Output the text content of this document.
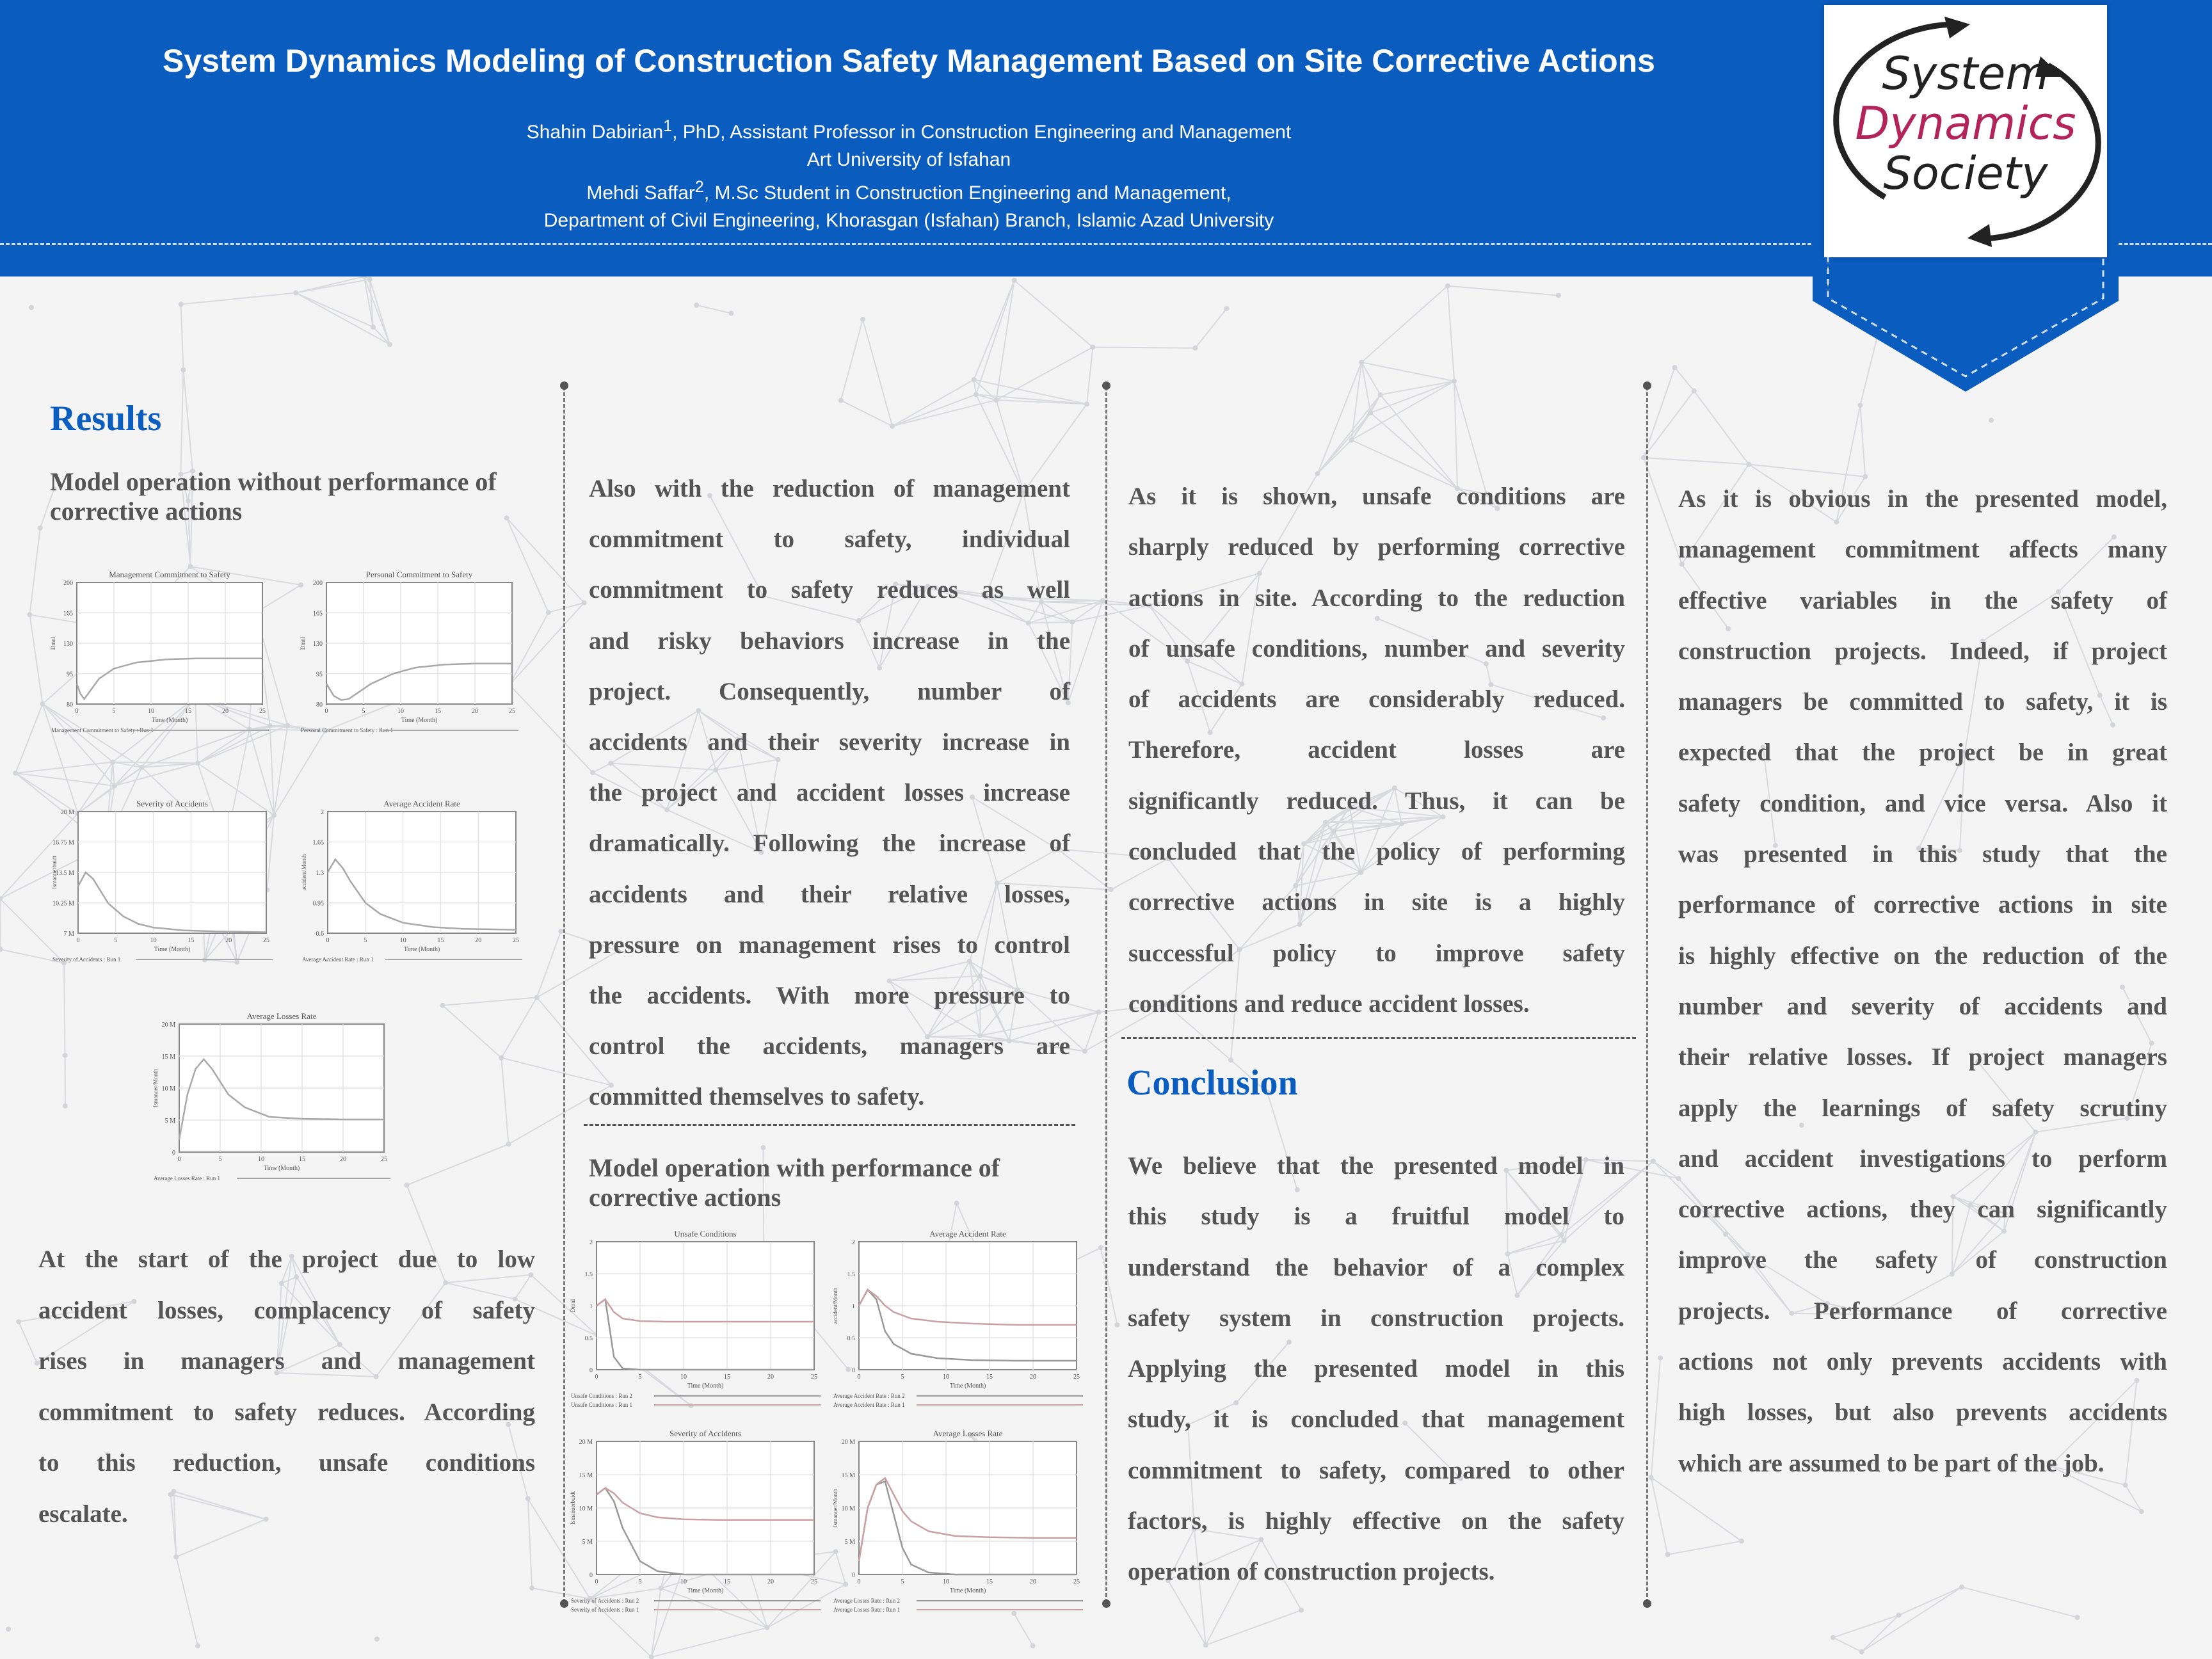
System Dynamics Modeling of Construction Safety Management Based on Site Corrective Actions
Shahin Dabirian$^1$, PhD, Assistant Professor in Construction Engineering and Management
Art University of Isfahan
Mehdi Saffar$^2$, M.Sc Student in Construction Engineering and Management,
Department of Civil Engineering, Khorasgan (Isfahan) Branch, Islamic Azad University
System
Dynamics
Society
Results
Model operation without performance of corrective actions
200
165
130
95
80
0	5	10	15	20	25
Management Commitment to Safety
Time (Month)
Dmnl
Management Commitment to Safety : Run 1
200
165
130
95
80
0	5	10	15	20	25
Personal Commitment to Safety
Time (Month)
Dmnl
Personal Commitment to Safety : Run 1
20 M
16.75 M
13.5 M
10.25 M
7 M
0	5	10	15	20	25
Severity of Accidents
Time (Month)
Ismanuerbuidt
Severity of Accidents : Run 1
2
1.65
1.3
0.95
0.6
0	5	10	15	20	25
Average Accident Rate
Time (Month)
accident/Month
Average Accident Rate : Run 1
20 M
15 M
10 M
5 M
0
0	5	10	15	20	25
Average Losses Rate
Time (Month)
Ismanuer/Month
Average Losses Rate : Run 1
At the start of the project due to low
accident losses, complacency of safety
rises in managers and management
commitment to safety reduces. According
to this reduction, unsafe conditions
escalate.
Also with the reduction of management
commitment to safety, individual
commitment to safety reduces as well
and risky behaviors increase in the
project. Consequently, number of
accidents and their severity increase in
the project and accident losses increase
dramatically. Following the increase of
accidents and their relative losses,
pressure on management rises to control
the accidents. With more pressure to
control the accidents, managers are
committed themselves to safety.
Model operation with performance of corrective actions
2
1.5
1
0.5
0
0	5	10	15	20	25
Unsafe Conditions
Time (Month)
Dmnl
Unsafe Conditions : Run 2
Unsafe Conditions : Run 1
2
1.5
1
0.5
0
0	5	10	15	20	25
Average Accident Rate
Time (Month)
accident/Month
Average Accident Rate : Run 2
Average Accident Rate : Run 1
20 M
15 M
10 M
5 M
0
0	5	10	15	20	25
Severity of Accidents
Time (Month)
Ismanuerbuidt
Severity of Accidents : Run 2
Severity of Accidents : Run 1
20 M
15 M
10 M
5 M
0
0	5	10	15	20	25
Average Losses Rate
Time (Month)
Ismanuer/Month
Average Losses Rate : Run 2
Average Losses Rate : Run 1
As it is shown, unsafe conditions are
sharply reduced by performing corrective
actions in site. According to the reduction
of unsafe conditions, number and severity
of accidents are considerably reduced.
Therefore, accident losses are
significantly reduced. Thus, it can be
concluded that the policy of performing
corrective actions in site is a highly
successful policy to improve safety
conditions and reduce accident losses.
Conclusion
We believe that the presented model in
this study is a fruitful model to
understand the behavior of a complex
safety system in construction projects.
Applying the presented model in this
study, it is concluded that management
commitment to safety, compared to other
factors, is highly effective on the safety
operation of construction projects.
As it is obvious in the presented model,
management commitment affects many
effective variables in the safety of
construction projects. Indeed, if project
managers be committed to safety, it is
expected that the project be in great
safety condition, and vice versa. Also it
was presented in this study that the
performance of corrective actions in site
is highly effective on the reduction of the
number and severity of accidents and
their relative losses. If project managers
apply the learnings of safety scrutiny
and accident investigations to perform
corrective actions, they can significantly
improve the safety of construction
projects. Performance of corrective
actions not only prevents accidents with
high losses, but also prevents accidents
which are assumed to be part of the job.
